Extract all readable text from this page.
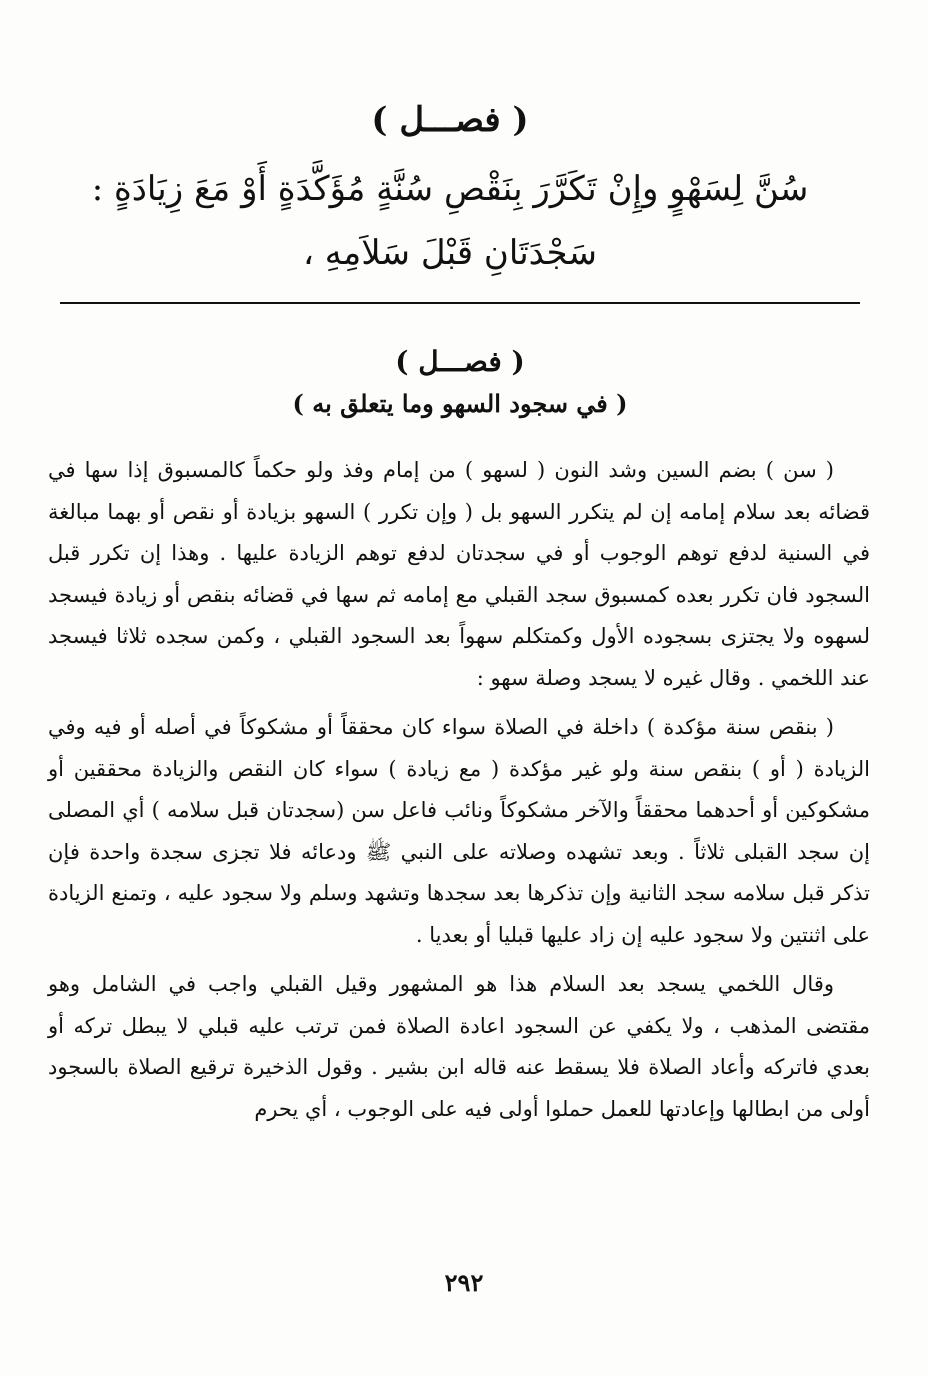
( فصـــل )
سُنَّ لِسَهْوٍ وإِنْ تَكَرَّرَ بِنَقْصِ سُنَّةٍ مُؤَكَّدَةٍ أَوْ مَعَ زِيَادَةٍ :
سَجْدَتَانِ قَبْلَ سَلاَمِهِ ،
( فصـــل )
( في سجود السهو وما يتعلق به )

( سن ) بضم السين وشد النون ( لسهو ) من إمام وفذ ولو حكماً كالمسبوق إذا سها في قضائه بعد سلام إمامه إن لم يتكرر السهو بل ( وإن تكرر ) السهو بزيادة أو نقص أو بهما مبالغة في السنية لدفع توهم الوجوب أو في سجدتان لدفع توهم الزيادة عليها . وهذا إن تكرر قبل السجود فان تكرر بعده كمسبوق سجد القبلي مع إمامه ثم سها في قضائه بنقص أو زيادة فيسجد لسهوه ولا يجتزى بسجوده الأول وكمتكلم سهواً بعد السجود القبلي ، وكمن سجده ثلاثا فيسجد عند اللخمي . وقال غيره لا يسجد وصلة سهو :

( بنقص سنة مؤكدة ) داخلة في الصلاة سواء كان محققاً أو مشكوكاً في أصله أو فيه وفي الزيادة ( أو ) بنقص سنة ولو غير مؤكدة ( مع زيادة ) سواء كان النقص والزيادة محققين أو مشكوكين أو أحدهما محققاً والآخر مشكوكاً ونائب فاعل سن (سجدتان قبل سلامه ) أي المصلى إن سجد القبلى ثلاثاً . وبعد تشهده وصلاته على النبي ﷺ ودعائه فلا تجزى سجدة واحدة فإن تذكر قبل سلامه سجد الثانية وإن تذكرها بعد سجدها وتشهد وسلم ولا سجود عليه ، وتمنع الزيادة على اثنتين ولا سجود عليه إن زاد عليها قبليا أو بعديا .

وقال اللخمي يسجد بعد السلام هذا هو المشهور وقيل القبلي واجب في الشامل وهو مقتضى المذهب ، ولا يكفي عن السجود اعادة الصلاة فمن ترتب عليه قبلي لا يبطل تركه أو بعدي فاتركه وأعاد الصلاة فلا يسقط عنه قاله ابن بشير . وقول الذخيرة ترقيع الصلاة بالسجود أولى من ابطالها وإعادتها للعمل حملوا أولى فيه على الوجوب ، أي يحرم

٢٩٢
